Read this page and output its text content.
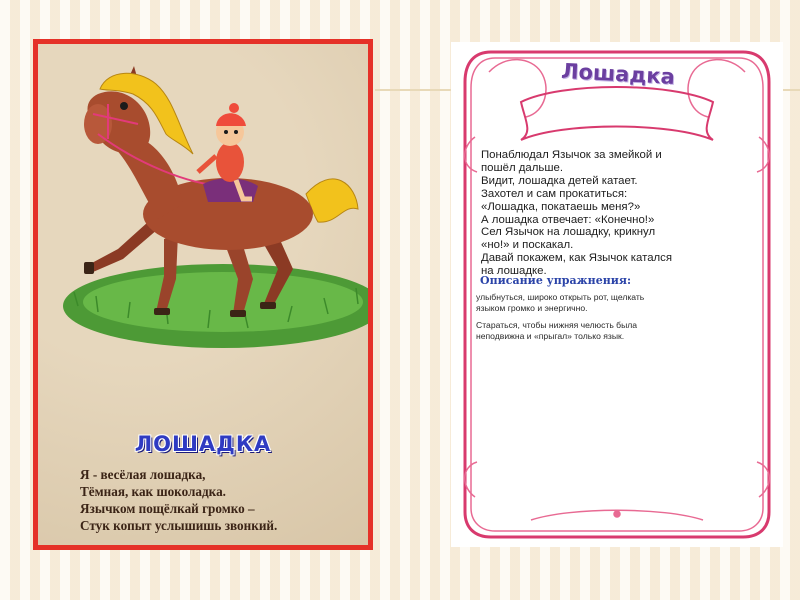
ЛОШАДКА
Я - весёлая лошадка,
Тёмная, как шоколадка.
Язычком пощёлкай громко –
Стук копыт услышишь звонкий.
Лошадка
Понаблюдал Язычок за змейкой и
пошёл дальше.
Видит, лошадка детей катает.
Захотел и сам прокатиться:
«Лошадка, покатаешь меня?»
А лошадка отвечает: «Конечно!»
Сел Язычок на лошадку, крикнул
«но!» и поскакал.
Давай покажем, как Язычок катался
на лошадке.
Описание упражнения:
улыбнуться, широко открыть рот, щелкать
языком громко и энергично.
Стараться, чтобы нижняя челюсть была
неподвижна и «прыгал» только язык.
